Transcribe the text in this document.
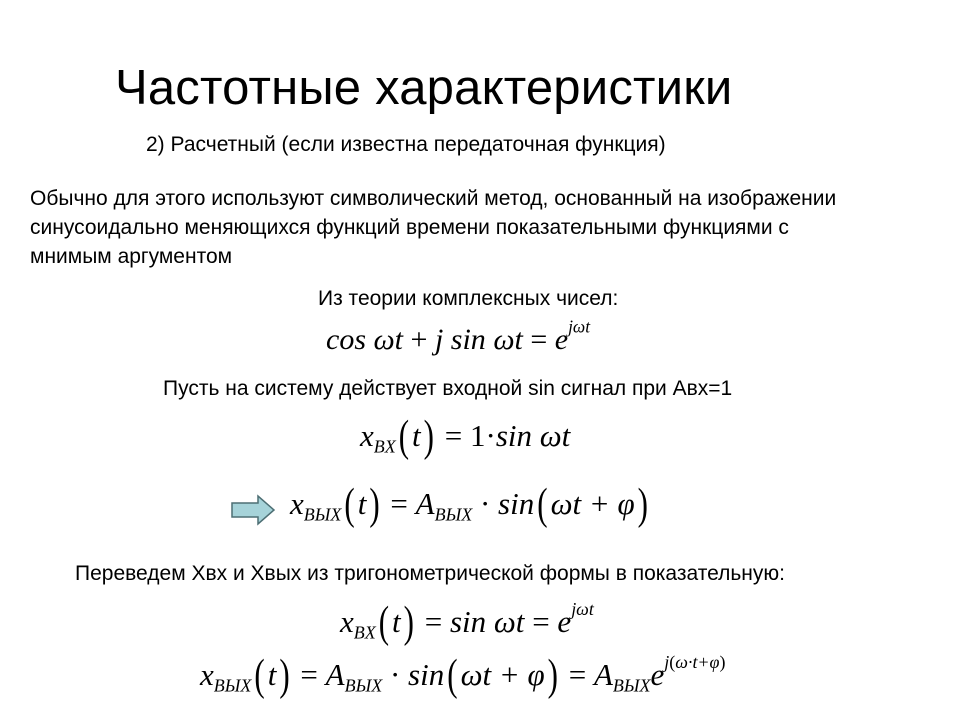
Частотные характеристики
2) Расчетный (если известна передаточная функция)
Обычно для этого используют символический метод, основанный на изображении
синусоидально меняющихся функций времени показательными функциями с
мнимым аргументом
Из теории комплексных чисел:
cos ωt + j $\sin \omega t = e^{j\omega t}$
Пусть на систему действует входной sin сигнал при Авх=1
$x_{BX}(t) = 1\cdot\sin$ ωt
$x_{ВЫХ}(t) = A_{ВЫХ} \cdot \sin(\omega t + \varphi)$
Переведем Xвх и Xвых из тригонометрической формы в показательную:
$x_{BX}(t) = \sin \omega t = e^{j\omega t}$
$x_{ВЫХ}(t) = A_{ВЫХ} \cdot \sin(\omega t + \varphi) = A_{ВЫХ}e^{j(\omega\cdot t+\varphi)}$
